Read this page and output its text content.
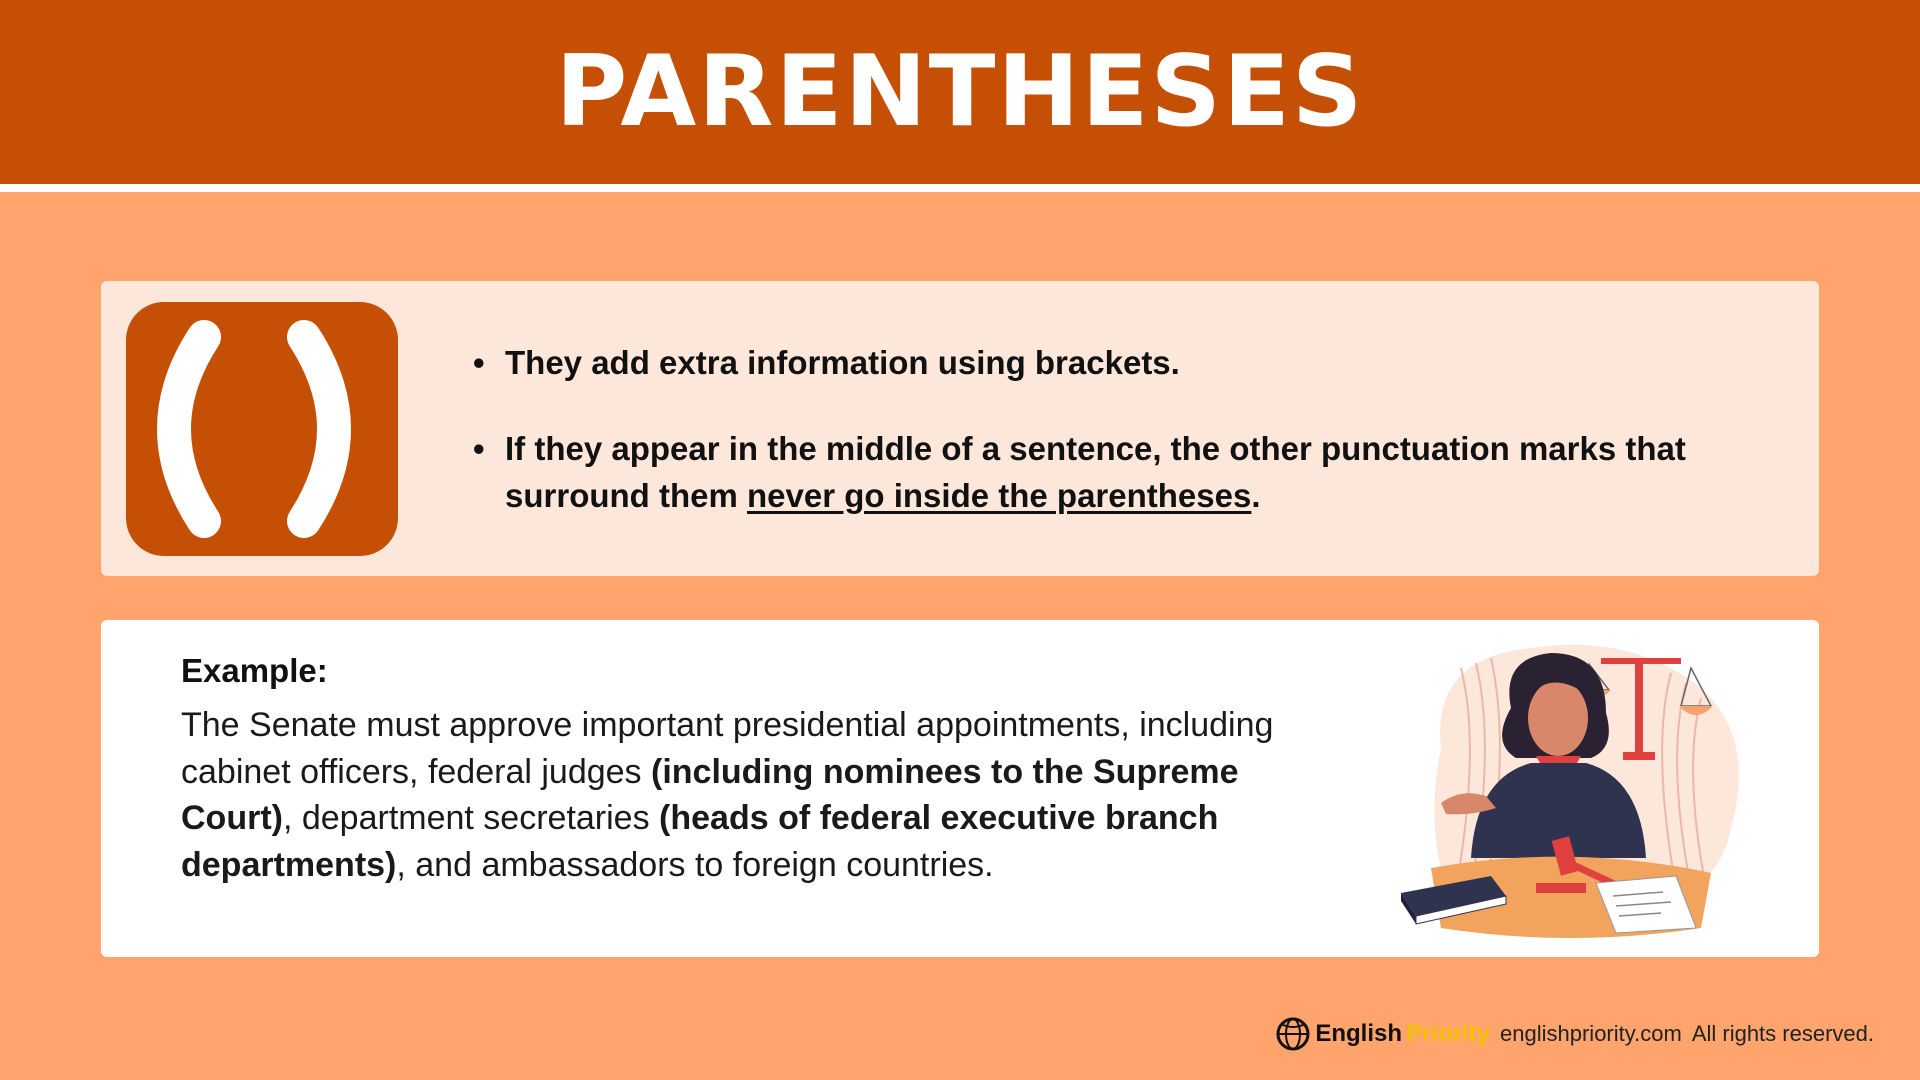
PARENTHESES
• They add extra information using brackets.
• If they appear in the middle of a sentence, the other punctuation marks that surround them never go inside the parentheses.
Example:
The Senate must approve important presidential appointments, including cabinet officers, federal judges (including nominees to the Supreme Court), department secretaries (heads of federal executive branch departments), and ambassadors to foreign countries.
English Priority englishpriority.com All rights reserved.
